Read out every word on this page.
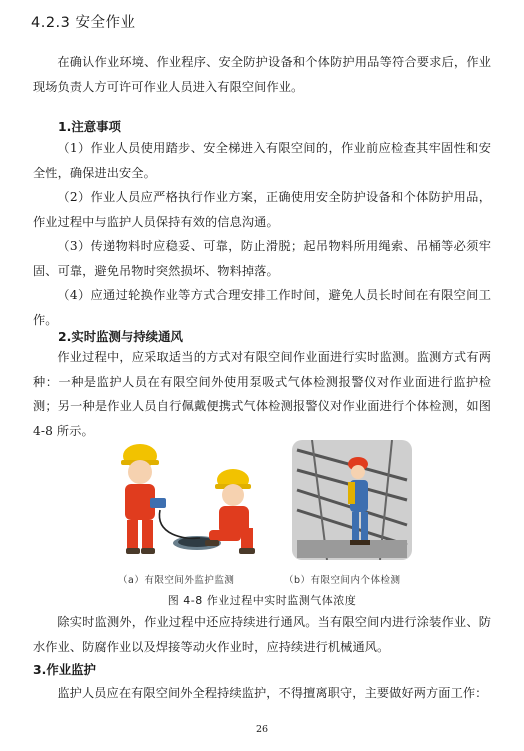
4.2.3 安全作业
在确认作业环境、作业程序、安全防护设备和个体防护用品等符合要求后，作业现场负责人方可许可作业人员进入有限空间作业。
1.注意事项
（1）作业人员使用踏步、安全梯进入有限空间的，作业前应检查其牢固性和安全性，确保进出安全。
（2）作业人员应严格执行作业方案，正确使用安全防护设备和个体防护用品，作业过程中与监护人员保持有效的信息沟通。
（3）传递物料时应稳妥、可靠，防止滑脱；起吊物料所用绳索、吊桶等必须牢固、可靠，避免吊物时突然损坏、物料掉落。
（4）应通过轮换作业等方式合理安排工作时间，避免人员长时间在有限空间工作。
2.实时监测与持续通风
作业过程中，应采取适当的方式对有限空间作业面进行实时监测。监测方式有两种：一种是监护人员在有限空间外使用泵吸式气体检测报警仪对作业面进行监护检测；另一种是作业人员自行佩戴便携式气体检测报警仪对作业面进行个体检测，如图 4-8 所示。
（a）有限空间外监护监测	（b）有限空间内个体检测
图 4-8 作业过程中实时监测气体浓度
除实时监测外，作业过程中还应持续进行通风。当有限空间内进行涂装作业、防水作业、防腐作业以及焊接等动火作业时，应持续进行机械通风。
3.作业监护
监护人员应在有限空间外全程持续监护，不得擅离职守，主要做好两方面工作：
26
